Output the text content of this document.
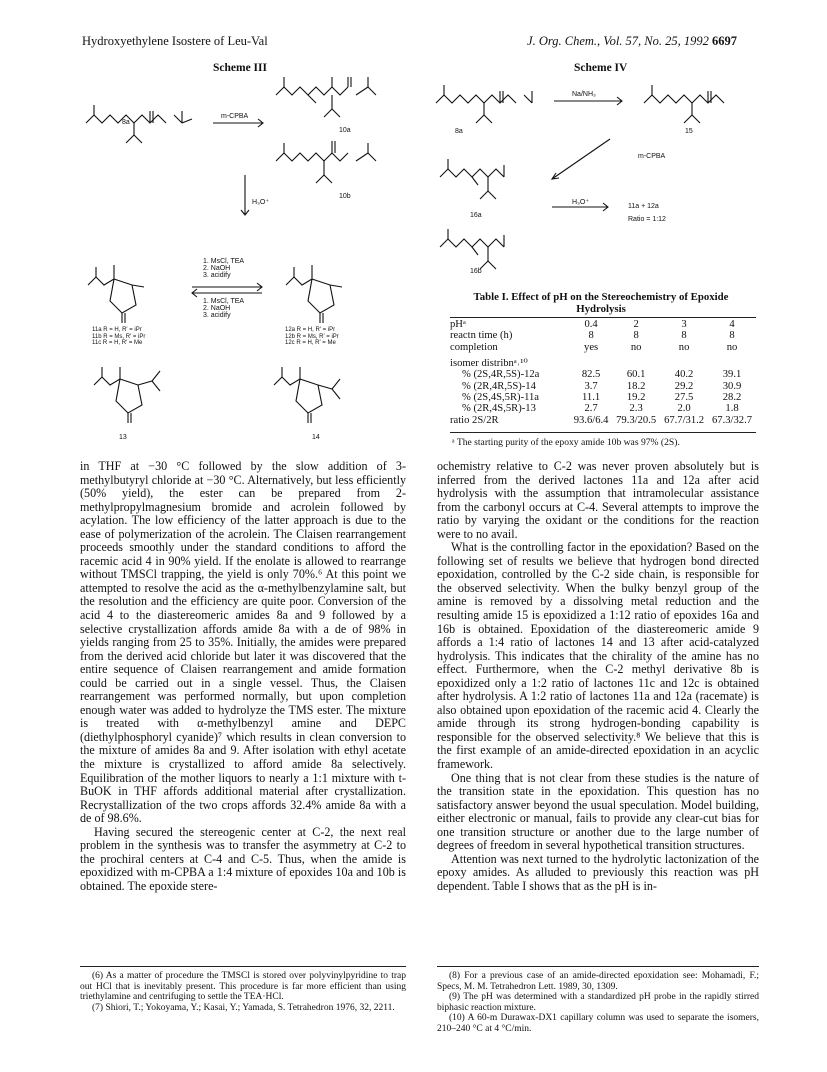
Hydroxyethylene Isostere of Leu-Val	J. Org. Chem., Vol. 57, No. 25, 1992 6697
Scheme III	Scheme IV
8a
m-CPBA
10a
10b
H₃O⁺
1. MsCl, TEA
2. NaOH
3. acidify
1. MsCl, TEA
2. NaOH
3. acidify
11a R = H, R′ = iPr
11b R = Ms, R′ = iPr
11c R = H, R′ = Me
12a R = H, R′ = iPr
12b R = Ms, R′ = iPr
12c R = H, R′ = Me
13	14
8a
Na/NH₃
15
m-CPBA
16a
H₃O⁺
11a + 12a
Ratio = 1:12
16b
Table I. Effect of pH on the Stereochemistry of Epoxide Hydrolysis
pHᵃ	0.4	2	3	4
reactn time (h)	8	8	8	8
completion	yes	no	no	no
isomer distribnᵃ˒¹⁰				
% (2S,4R,5S)-12a	82.5	60.1	40.2	39.1
% (2R,4R,5S)-14	3.7	18.2	29.2	30.9
% (2S,4S,5R)-11a	11.1	19.2	27.5	28.2
% (2R,4S,5R)-13	2.7	2.3	2.0	1.8
ratio 2S/2R	93.6/6.4	79.3/20.5	67.7/31.2	67.3/32.7
ᵃ The starting purity of the epoxy amide 10b was 97% (2S).

in THF at −30 °C followed by the slow addition of 3-methylbutyryl chloride at −30 °C. Alternatively, but less efficiently (50% yield), the ester can be prepared from 2-methylpropylmagnesium bromide and acrolein followed by acylation. The low efficiency of the latter approach is due to the ease of polymerization of the acrolein. The Claisen rearrangement proceeds smoothly under the standard conditions to afford the racemic acid 4 in 90% yield. If the enolate is allowed to rearrange without TMSCl trapping, the yield is only 70%.⁶ At this point we attempted to resolve the acid as the α-methylbenzylamine salt, but the resolution and the efficiency are quite poor. Conversion of the acid 4 to the diastereomeric amides 8a and 9 followed by a selective crystallization affords amide 8a with a de of 98% in yields ranging from 25 to 35%. Initially, the amides were prepared from the derived acid chloride but later it was discovered that the entire sequence of Claisen rearrangement and amide formation could be carried out in a single vessel. Thus, the Claisen rearrangement was performed normally, but upon completion enough water was added to hydrolyze the TMS ester. The mixture is treated with α-methylbenzyl amine and DEPC (diethylphosphoryl cyanide)⁷ which results in clean conversion to the mixture of amides 8a and 9. After isolation with ethyl acetate the mixture is crystallized to afford amide 8a selectively. Equilibration of the mother liquors to nearly a 1:1 mixture with t-BuOK in THF affords additional material after crystallization. Recrystallization of the two crops affords 32.4% amide 8a with a de of 98.6%.

Having secured the stereogenic center at C-2, the next real problem in the synthesis was to transfer the asymmetry at C-2 to the prochiral centers at C-4 and C-5. Thus, when the amide is epoxidized with m-CPBA a 1:4 mixture of epoxides 10a and 10b is obtained. The epoxide stere-

ochemistry relative to C-2 was never proven absolutely but is inferred from the derived lactones 11a and 12a after acid hydrolysis with the assumption that intramolecular assistance from the carbonyl occurs at C-4. Several attempts to improve the ratio by varying the oxidant or the conditions for the reaction were to no avail.

What is the controlling factor in the epoxidation? Based on the following set of results we believe that hydrogen bond directed epoxidation, controlled by the C-2 side chain, is responsible for the observed selectivity. When the bulky benzyl group of the amine is removed by a dissolving metal reduction and the resulting amide 15 is epoxidized a 1:12 ratio of epoxides 16a and 16b is obtained. Epoxidation of the diastereomeric amide 9 affords a 1:4 ratio of lactones 14 and 13 after acid-catalyzed hydrolysis. This indicates that the chirality of the amine has no effect. Furthermore, when the C-2 methyl derivative 8b is epoxidized only a 1:2 ratio of lactones 11c and 12c is obtained after hydrolysis. A 1:2 ratio of lactones 11a and 12a (racemate) is also obtained upon epoxidation of the racemic acid 4. Clearly the amide through its strong hydrogen-bonding capability is responsible for the observed selectivity.⁸ We believe that this is the first example of an amide-directed epoxidation in an acyclic framework.

One thing that is not clear from these studies is the nature of the transition state in the epoxidation. This question has no satisfactory answer beyond the usual speculation. Model building, either electronic or manual, fails to provide any clear-cut bias for one transition structure or another due to the large number of degrees of freedom in several hypothetical transition structures.

Attention was next turned to the hydrolytic lactonization of the epoxy amides. As alluded to previously this reaction was pH dependent. Table I shows that as the pH is in-

(6) As a matter of procedure the TMSCl is stored over polyvinylpyridine to trap out HCl that is inevitably present. This procedure is far more efficient than using triethylamine and centrifuging to settle the TEA·HCl.

(7) Shiori, T.; Yokoyama, Y.; Kasai, Y.; Yamada, S. Tetrahedron 1976, 32, 2211.

(8) For a previous case of an amide-directed epoxidation see: Mohamadi, F.; Specs, M. M. Tetrahedron Lett. 1989, 30, 1309.

(9) The pH was determined with a standardized pH probe in the rapidly stirred biphasic reaction mixture.

(10) A 60-m Durawax-DX1 capillary column was used to separate the isomers, 210–240 °C at 4 °C/min.
